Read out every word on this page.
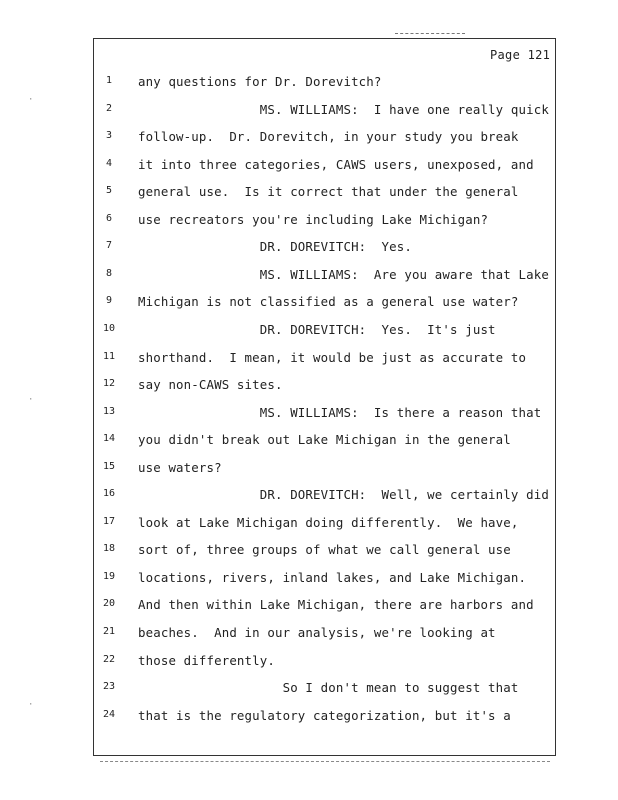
Page 121
1	any questions for Dr. Dorevitch?
2	MS. WILLIAMS:  I have one really quick
3	follow-up.  Dr. Dorevitch, in your study you break
4	it into three categories, CAWS users, unexposed, and
5	general use.  Is it correct that under the general
6	use recreators you're including Lake Michigan?
7	DR. DOREVITCH:  Yes.
8	MS. WILLIAMS:  Are you aware that Lake
9	Michigan is not classified as a general use water?
10	DR. DOREVITCH:  Yes.  It's just
11	shorthand.  I mean, it would be just as accurate to
12	say non-CAWS sites.
13	MS. WILLIAMS:  Is there a reason that
14	you didn't break out Lake Michigan in the general
15	use waters?
16	DR. DOREVITCH:  Well, we certainly did
17	look at Lake Michigan doing differently.  We have,
18	sort of, three groups of what we call general use
19	locations, rivers, inland lakes, and Lake Michigan.
20	And then within Lake Michigan, there are harbors and
21	beaches.  And in our analysis, we're looking at
22	those differently.
23	So I don't mean to suggest that
24	that is the regulatory categorization, but it's a
·
·
·
